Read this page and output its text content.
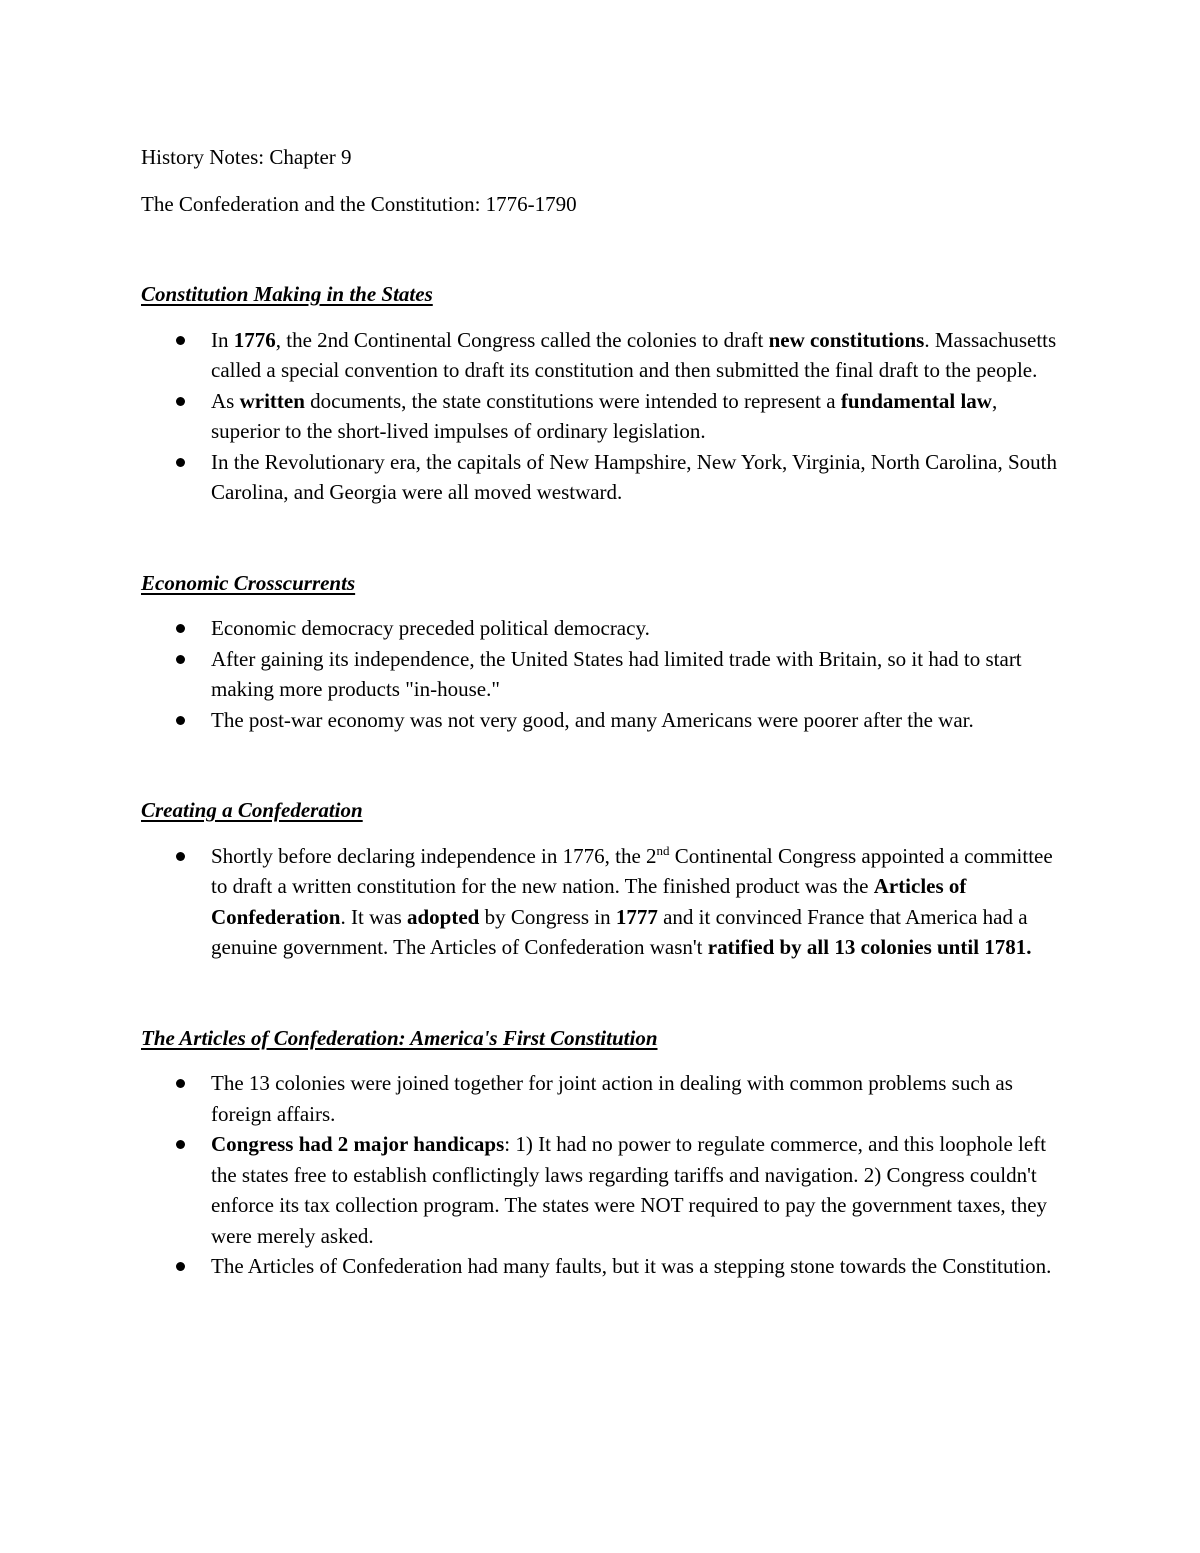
History Notes: Chapter 9

The Confederation and the Constitution: 1776-1790

Constitution Making in the States

In 1776, the 2nd Continental Congress called the colonies to draft new constitutions. Massachusetts called a special convention to draft its constitution and then submitted the final draft to the people.
As written documents, the state constitutions were intended to represent a fundamental law, superior to the short-lived impulses of ordinary legislation.
In the Revolutionary era, the capitals of New Hampshire, New York, Virginia, North Carolina, South Carolina, and Georgia were all moved westward.

Economic Crosscurrents

Economic democracy preceded political democracy.
After gaining its independence, the United States had limited trade with Britain, so it had to start making more products "in-house."
The post-war economy was not very good, and many Americans were poorer after the war.

Creating a Confederation

Shortly before declaring independence in 1776, the 2nd Continental Congress appointed a committee to draft a written constitution for the new nation. The finished product was the Articles of Confederation. It was adopted by Congress in 1777 and it convinced France that America had a genuine government. The Articles of Confederation wasn't ratified by all 13 colonies until 1781.

The Articles of Confederation: America's First Constitution

The 13 colonies were joined together for joint action in dealing with common problems such as foreign affairs.
Congress had 2 major handicaps: 1) It had no power to regulate commerce, and this loophole left the states free to establish conflictingly laws regarding tariffs and navigation. 2) Congress couldn't enforce its tax collection program. The states were NOT required to pay the government taxes, they were merely asked.
The Articles of Confederation had many faults, but it was a stepping stone towards the Constitution.
